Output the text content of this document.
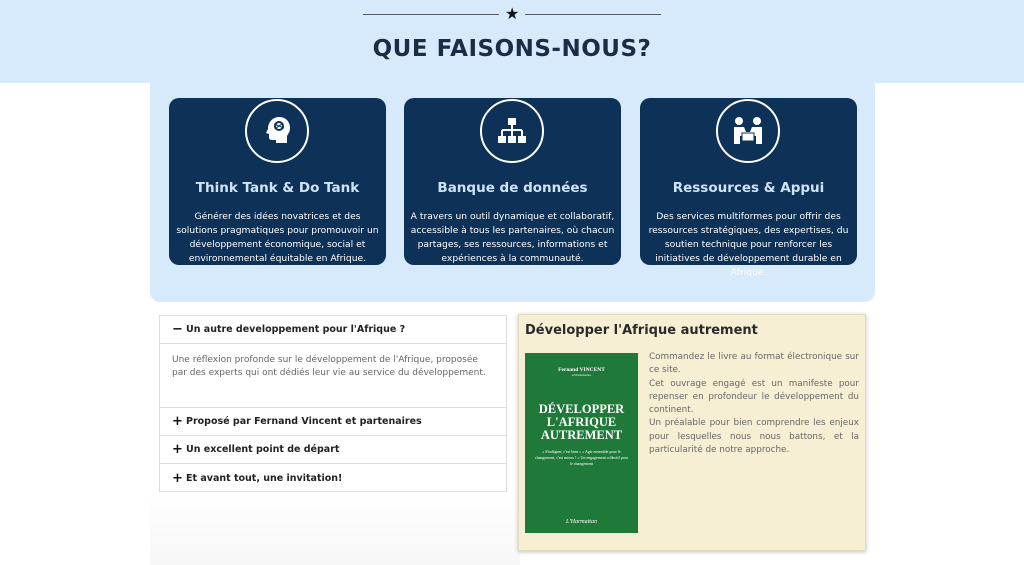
★
QUE FAISONS-NOUS?
Think Tank & Do Tank
Générer des idées novatrices et des solutions pragmatiques pour promouvoir un développement économique, social et environnemental équitable en Afrique.
Banque de données
A travers un outil dynamique et collaboratif, accessible à tous les partenaires, où chacun partages, ses ressources, informations et expériences à la communauté.
Ressources & Appui
Des services multiformes pour offrir des ressources stratégiques, des expertises, du soutien technique pour renforcer les initiatives de développement durable en Afrique.
− Un autre developpement pour l'Afrique ?
Une réflexion profonde sur le développement de l'Afrique, proposée par des experts qui ont dédiés leur vie au service du développement.
+ Proposé par Fernand Vincent et partenaires
+ Un excellent point de départ
+ Et avant tout, une invitation!
Développer l'Afrique autrement
Fernand VINCENT
et Partenaires
DÉVELOPPER
L'AFRIQUE
AUTREMENT
« S'indigner, c'est bien » « Agir ensemble pour le changement, c'est mieux ! » Un engagement collectif pour le changement
L'Harmattan

Commandez le livre au format électronique sur ce site.

Cet ouvrage engagé est un manifeste pour repenser en profondeur le développement du continent.

Un préalable pour bien comprendre les enjeux pour lesquelles nous nous battons, et la particularité de notre approche.
